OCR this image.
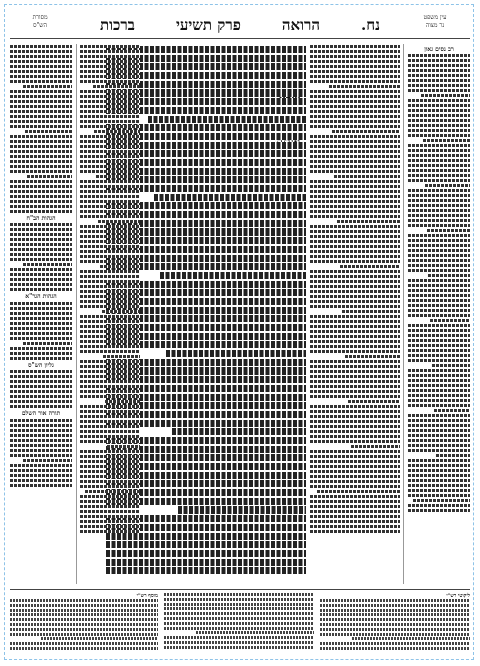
עין משפט
נר מצוה
נח.
הרואה
פרק תשיעי
ברכות
מסורת
הש"ס
רב נסים גאון
הגהות הב"ח
הגהות הגר"א
גליון הש"ס
תורה אור השלם
ליקוטי רש"י
מוסף רש"י
